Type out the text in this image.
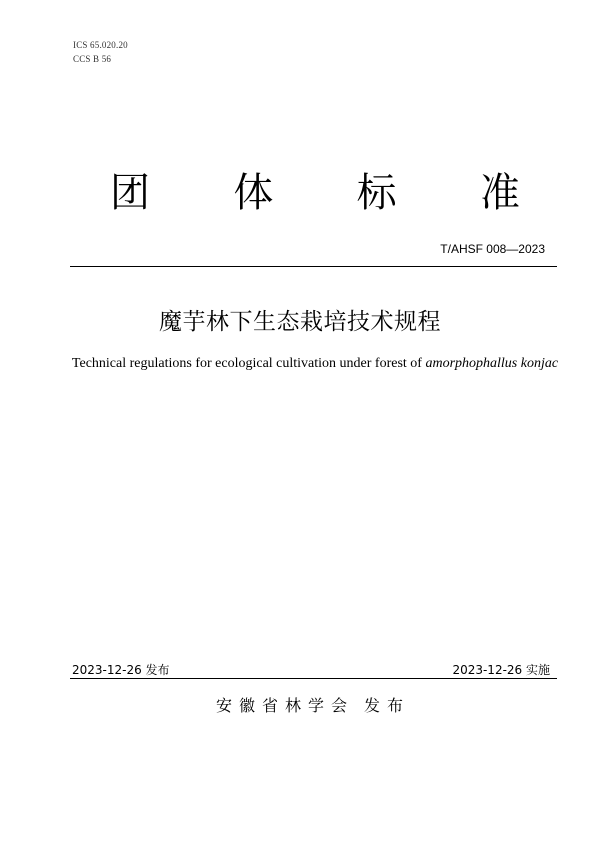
ICS 65.020.20
CCS B 56
团 体 标 准
T/AHSF 008—2023
魔芋林下生态栽培技术规程
Technical regulations for ecological cultivation under forest of amorphophallus konjac
2023-12-26 发布	2023-12-26 实施
安徽省林学会 发布
